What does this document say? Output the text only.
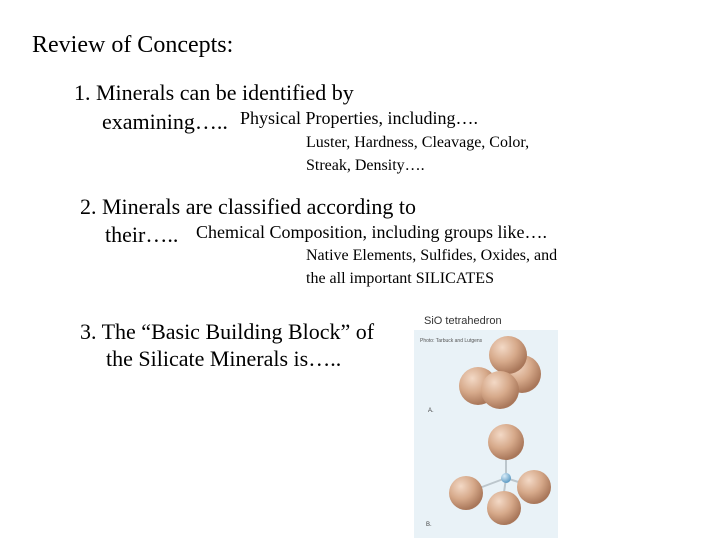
Review of Concepts:
1. Minerals can be identified by
examining….. Physical Properties, including….
Luster, Hardness, Cleavage, Color,
Streak, Density….
2. Minerals are classified according to
their….. Chemical Composition, including groups like….
Native Elements, Sulfides, Oxides, and
the all important SILICATES
3. The “Basic Building Block” of
the Silicate Minerals is…..
SiO tetrahedron
Photo: Tarbuck and Lutgens
A.
B.
